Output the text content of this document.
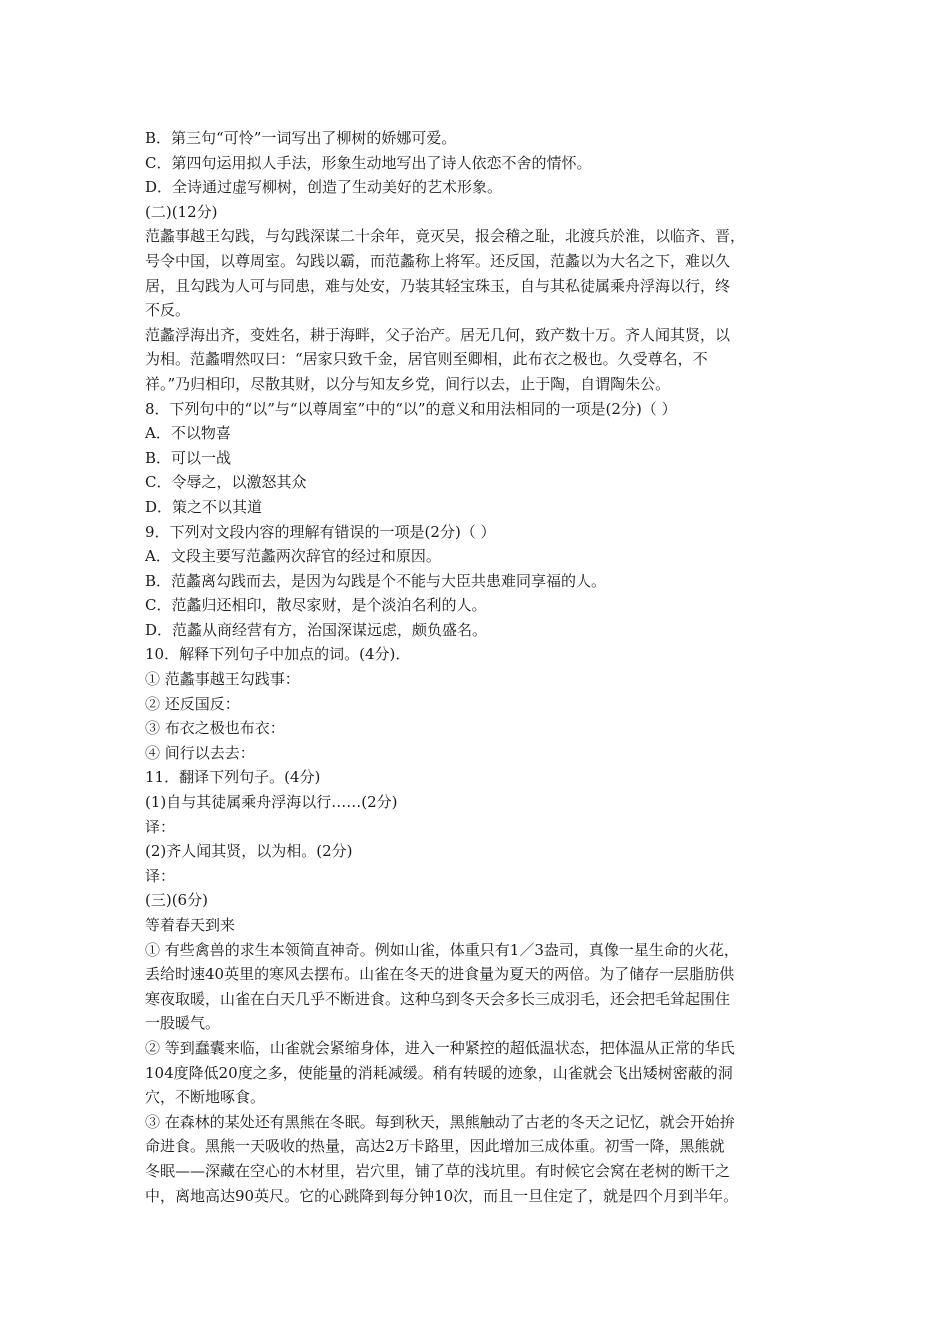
B．第三句“可怜”一词写出了柳树的娇娜可爱。
C．第四句运用拟人手法，形象生动地写出了诗人依恋不舍的情怀。
D．全诗通过虚写柳树，创造了生动美好的艺术形象。
(二)(12分)
范蠡事越王勾践，与勾践深谋二十余年，竟灭吴，报会稽之耻，北渡兵於淮，以临齐、晋，
号令中国，以尊周室。勾践以霸，而范蠡称上将军。还反国，范蠡以为大名之下，难以久
居，且勾践为人可与同患，难与处安，乃装其轻宝珠玉，自与其私徒属乘舟浮海以行，终
不反。
范蠡浮海出齐，变姓名，耕于海畔，父子治产。居无几何，致产数十万。齐人闻其贤，以
为相。范蠡喟然叹曰：“居家只致千金，居官则至卿相，此布衣之极也。久受尊名，不
祥。”乃归相印，尽散其财，以分与知友乡党，间行以去，止于陶，自谓陶朱公。
8．下列句中的“以”与“以尊周室”中的“以”的意义和用法相同的一项是(2分)（ ）
A．不以物喜
B．可以一战
C．令辱之，以激怒其众
D．策之不以其道
9．下列对文段内容的理解有错误的一项是(2分)（ ）
A．文段主要写范蠡两次辞官的经过和原因。
B．范蠡离勾践而去，是因为勾践是个不能与大臣共患难同享福的人。
C．范蠡归还相印，散尽家财，是个淡泊名利的人。
D．范蠡从商经营有方，治国深谋远虑，颇负盛名。
10．解释下列句子中加点的词。(4分)．
① 范蠡事越王勾践事：
② 还反国反：
③ 布衣之极也布衣：
④ 间行以去去：
11．翻译下列句子。(4分)
(1)自与其徒属乘舟浮海以行……(2分)
译：
(2)齐人闻其贤，以为相。(2分)
译：
(三)(6分)
等着春天到来
① 有些禽兽的求生本领简直神奇。例如山雀，体重只有1／3盎司，真像一星生命的火花，
丢给时速40英里的寒风去摆布。山雀在冬天的进食量为夏天的两倍。为了储存一层脂肪供
寒夜取暖，山雀在白天几乎不断进食。这种乌到冬天会多长三成羽毛，还会把毛耸起围住
一股暖气。
② 等到蠢囊来临，山雀就会紧缩身体，进入一种紧控的超低温状态，把体温从正常的华氏
104度降低20度之多，使能量的消耗减缓。稍有转暖的迹象，山雀就会飞出矮树密蔽的洞
穴，不断地啄食。
③ 在森林的某处还有黑熊在冬眠。每到秋天，黑熊触动了古老的冬天之记忆，就会开始拚
命进食。黑熊一天吸收的热量，高达2万卡路里，因此增加三成体重。初雪一降，黑熊就
冬眠——深藏在空心的木材里，岩穴里，铺了草的浅坑里。有时候它会窝在老树的断干之
中，离地高达90英尺。它的心跳降到每分钟10次，而且一旦住定了，就是四个月到半年。
